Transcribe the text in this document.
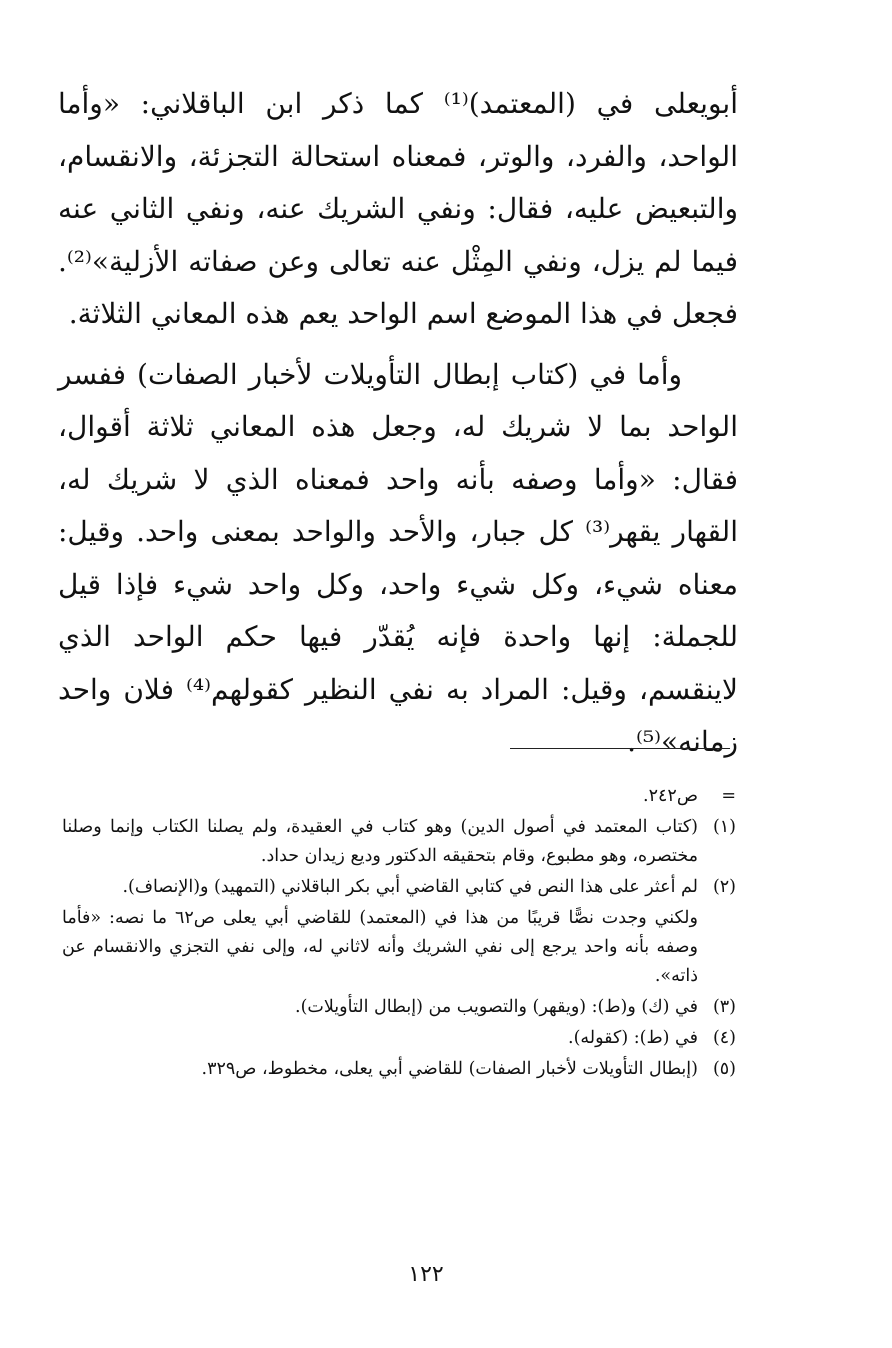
أبويعلى في (المعتمد)⁽¹⁾ كما ذكر ابن الباقلاني: «وأما الواحد، والفرد، والوتر، فمعناه استحالة التجزئة، والانقسام، والتبعيض عليه، فقال: ونفي الشريك عنه، ونفي الثاني عنه فيما لم يزل، ونفي المِثْل عنه تعالى وعن صفاته الأزلية»⁽²⁾. فجعل في هذا الموضع اسم الواحد يعم هذه المعاني الثلاثة.

وأما في (كتاب إبطال التأويلات لأخبار الصفات) ففسر الواحد بما لا شريك له، وجعل هذه المعاني ثلاثة أقوال، فقال: «وأما وصفه بأنه واحد فمعناه الذي لا شريك له، القهار يقهر⁽³⁾ كل جبار، والأحد والواحد بمعنى واحد. وقيل: معناه شيء، وكل شيء واحد، وكل واحد شيء فإذا قيل للجملة: إنها واحدة فإنه يُقدّر فيها حكم الواحد الذي لاينقسم، وقيل: المراد به نفي النظير كقولهم⁽⁴⁾ فلان واحد زمانه»⁽⁵⁾.

=
ص٢٤٢.
(١)
(كتاب المعتمد في أصول الدين) وهو كتاب في العقيدة، ولم يصلنا الكتاب وإنما وصلنا مختصره، وهو مطبوع، وقام بتحقيقه الدكتور وديع زيدان حداد.
(٢)
لم أعثر على هذا النص في كتابي القاضي أبي بكر الباقلاني (التمهيد) و(الإنصاف).
ولكني وجدت نصًّا قريبًا من هذا في (المعتمد) للقاضي أبي يعلى ص٦٢ ما نصه: «فأما وصفه بأنه واحد يرجع إلى نفي الشريك وأنه لاثاني له، وإلى نفي التجزي والانقسام عن ذاته».
(٣)
في (ك) و(ط): (ويقهر) والتصويب من (إبطال التأويلات).
(٤)
في (ط): (كقوله).
(٥)
(إبطال التأويلات لأخبار الصفات) للقاضي أبي يعلى، مخطوط، ص٣٢٩.
١٢٢
